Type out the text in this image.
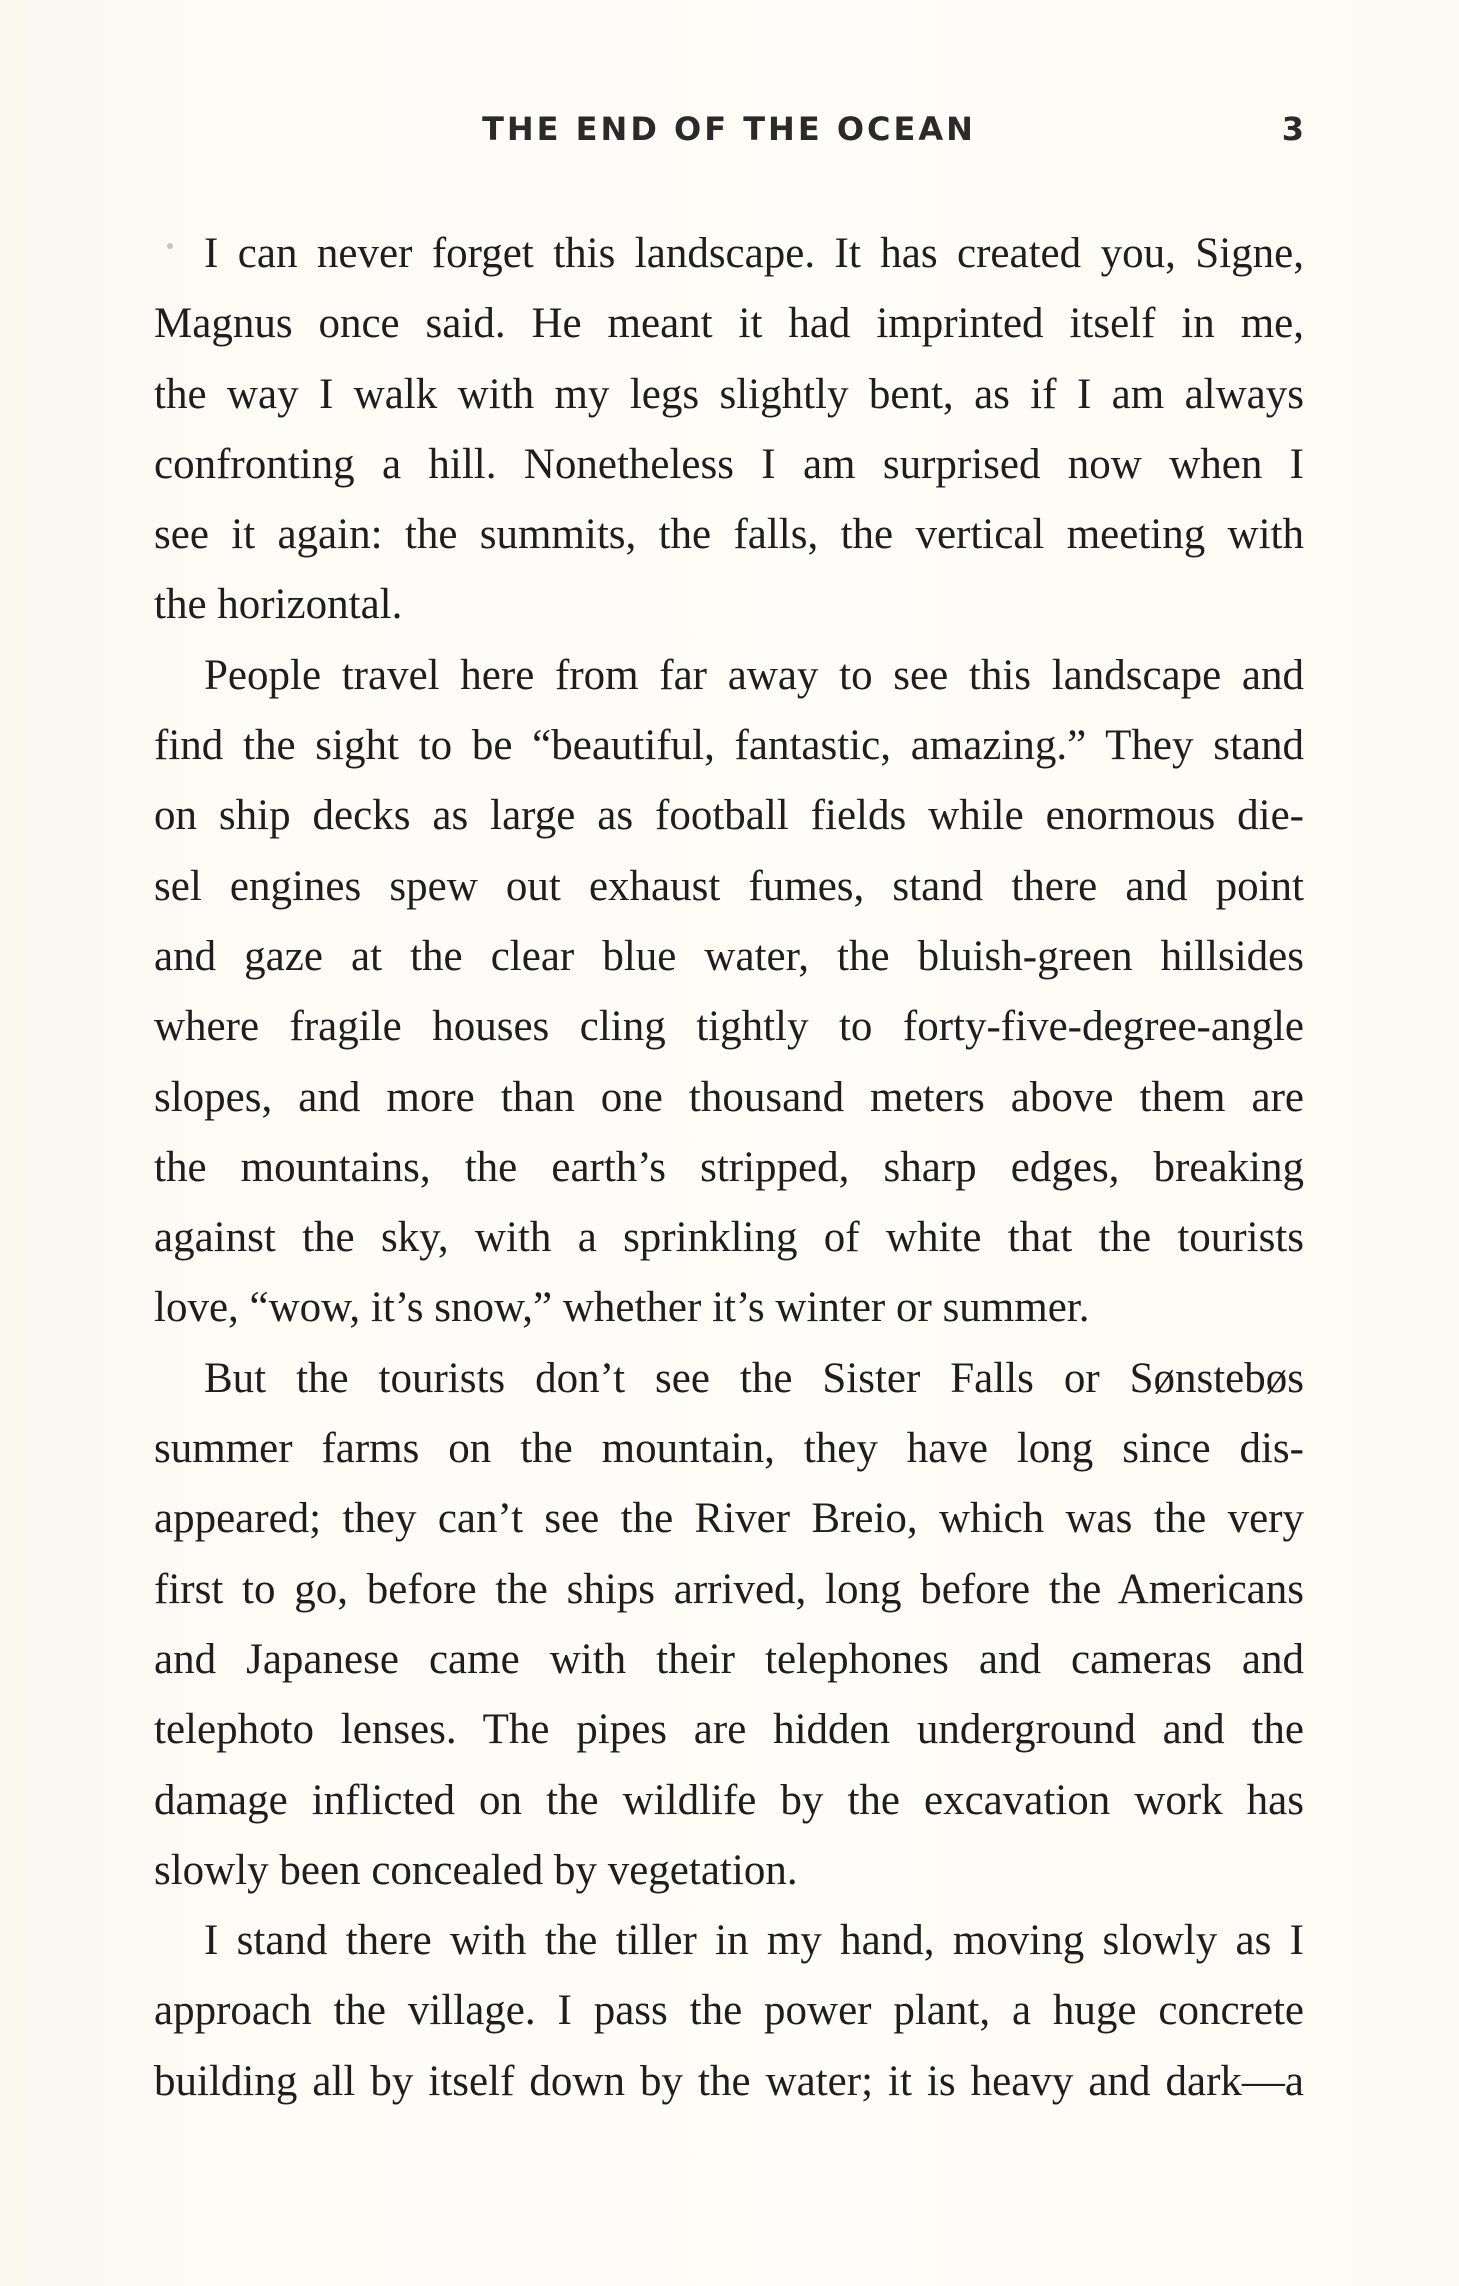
THE END OF THE OCEAN	3
I can never forget this landscape. It has created you, Signe,
Magnus once said. He meant it had imprinted itself in me,
the way I walk with my legs slightly bent, as if I am always
confronting a hill. Nonetheless I am surprised now when I
see it again: the summits, the falls, the vertical meeting with
the horizontal.
People travel here from far away to see this landscape and
find the sight to be “beautiful, fantastic, amazing.” They stand
on ship decks as large as football fields while enormous die-
sel engines spew out exhaust fumes, stand there and point
and gaze at the clear blue water, the bluish-green hillsides
where fragile houses cling tightly to forty-five-degree-angle
slopes, and more than one thousand meters above them are
the mountains, the earth’s stripped, sharp edges, breaking
against the sky, with a sprinkling of white that the tourists
love, “wow, it’s snow,” whether it’s winter or summer.
But the tourists don’t see the Sister Falls or Sønstebøs
summer farms on the mountain, they have long since dis-
appeared; they can’t see the River Breio, which was the very
first to go, before the ships arrived, long before the Americans
and Japanese came with their telephones and cameras and
telephoto lenses. The pipes are hidden underground and the
damage inflicted on the wildlife by the excavation work has
slowly been concealed by vegetation.
I stand there with the tiller in my hand, moving slowly as I
approach the village. I pass the power plant, a huge concrete
building all by itself down by the water; it is heavy and dark—a
